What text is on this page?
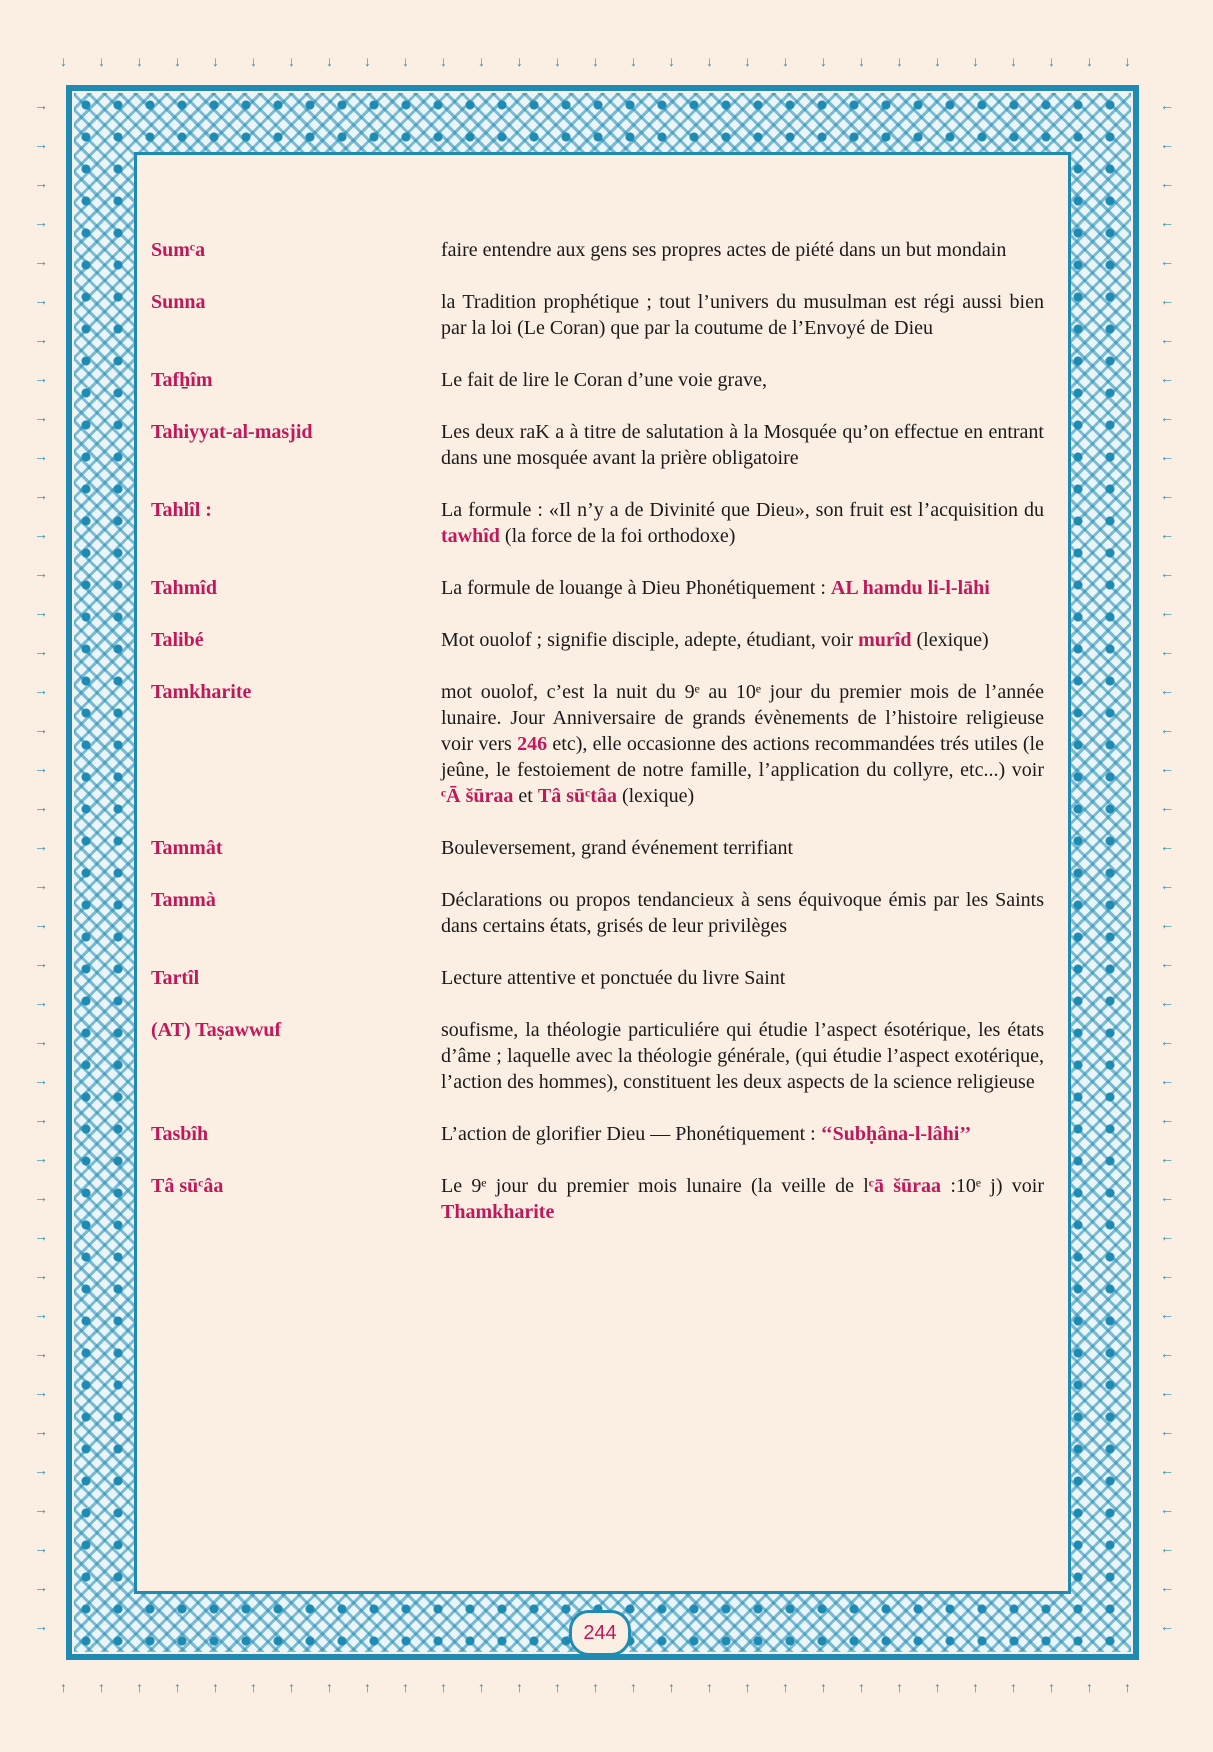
↓
↑
↓
↑
↓
↑
↓
↑
↓
↑
↓
↑
↓
↑
↓
↑
↓
↑
↓
↑
↓
↑
↓
↑
↓
↑
↓
↑
↓
↑
↓
↑
↓
↑
↓
↑
↓
↑
↓
↑
↓
↑
↓
↑
↓
↑
↓
↑
↓
↑
↓
↑
↓
↑
↓
↑
↓
↑
→	←
→	←
→	←
→	←
→	←
→	←
→	←
→	←
→	←
→	←
→	←
→	←
→	←
→	←
→	←
→	←
→	←
→	←
→	←
→	←
→	←
→	←
→	←
→	←
→	←
→	←
→	←
→	←
→	←
→	←
→	←
→	←
→	←
→	←
→	←
→	←
→	←
→	←
→	←
→	←
Sumᶜa	faire entendre aux gens ses propres actes de piété dans un but mondain
Sunna	la Tradition prophétique ; tout l’univers du musulman est régi aussi bien par la loi (Le Coran) que par la coutume de l’Envoyé de Dieu
Tafẖîm	Le fait de lire le Coran d’une voie grave,
Tahiyyat-al-masjid	Les deux raK a à titre de salutation à la Mosquée qu’on effectue en entrant dans une mosquée avant la prière obligatoire
Tahlîl :	La formule : «Il n’y a de Divinité que Dieu», son fruit est l’acquisition du tawhîd (la force de la foi orthodoxe)
Tahmîd	La formule de louange à Dieu Phonétiquement : AL hamdu li-l-lāhi
Talibé	Mot ouolof ; signifie disciple, adepte, étudiant, voir murîd (lexique)
Tamkharite	mot ouolof, c’est la nuit du 9ᵉ au 10ᵉ jour du premier mois de l’année lunaire. Jour Anniversaire de grands évènements de l’histoire religieuse voir vers 246 etc), elle occasionne des actions recommandées trés utiles (le jeûne, le festoiement de notre famille, l’application du collyre, etc...) voir ᶜĀ šūraa et Tâ sūᶜtâa (lexique)
Tammât	Bouleversement, grand événement terrifiant
Tammà	Déclarations ou propos tendancieux à sens équivoque émis par les Saints dans certains états, grisés de leur privilèges
Tartîl	Lecture attentive et ponctuée du livre Saint
(AT) Taṣawwuf	soufisme, la théologie particuliére qui étudie l’aspect ésotérique, les états d’âme ; laquelle avec la théologie générale, (qui étudie l’aspect exotérique, l’action des hommes), constituent les deux aspects de la science religieuse
Tasbîh	L’action de glorifier Dieu — Phonétiquement : ‘‘Subḥâna-l-lâhi’’
Tâ sūᶜâa	Le 9ᵉ jour du premier mois lunaire (la veille de lᶜā šūraa :10ᵉ j) voir Thamkharite
244
